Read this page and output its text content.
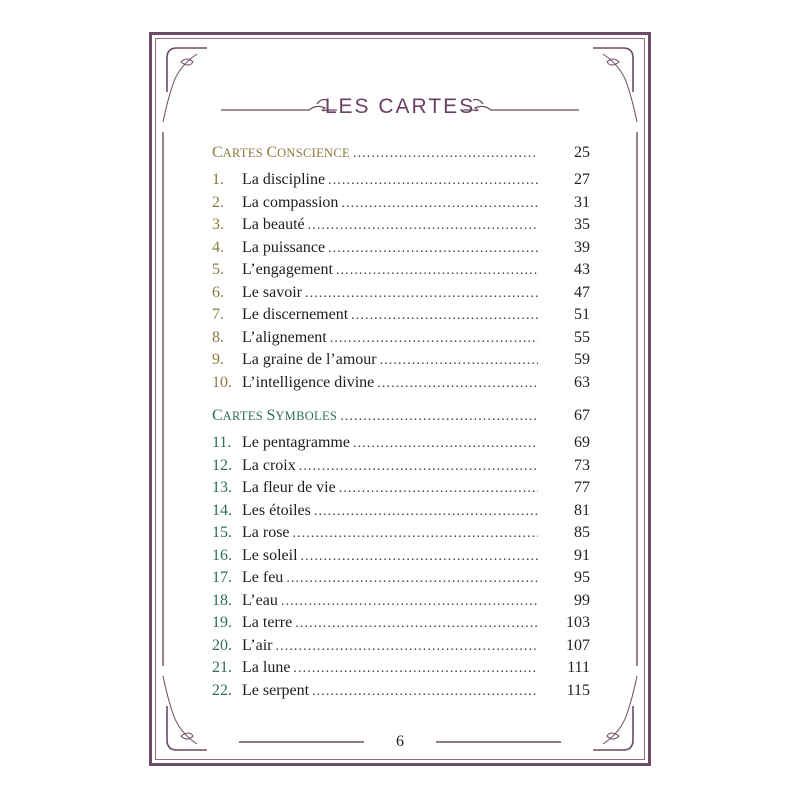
LES CARTES
CARTES CONSCIENCE . . .	25
1.	La discipline . . .	27
2.	La compassion . . .	31
3.	La beauté . . .	35
4.	La puissance . . .	39
5.	L’engagement . . .	43
6.	Le savoir . . .	47
7.	Le discernement . . .	51
8.	L’alignement . . .	55
9.	La graine de l’amour . . .	59
10. L’intelligence divine . . .	63
CARTES SYMBOLES . . .	67
11. Le pentagramme . . .	69
12. La croix . . .	73
13. La fleur de vie . . .	77
14. Les étoiles . . .	81
15. La rose . . .	85
16. Le soleil . . .	91
17. Le feu . . .	95
18. L’eau . . .	99
19. La terre . . .	103
20. L’air . . .	107
21. La lune . . .	111
22. Le serpent . . .	115
6
